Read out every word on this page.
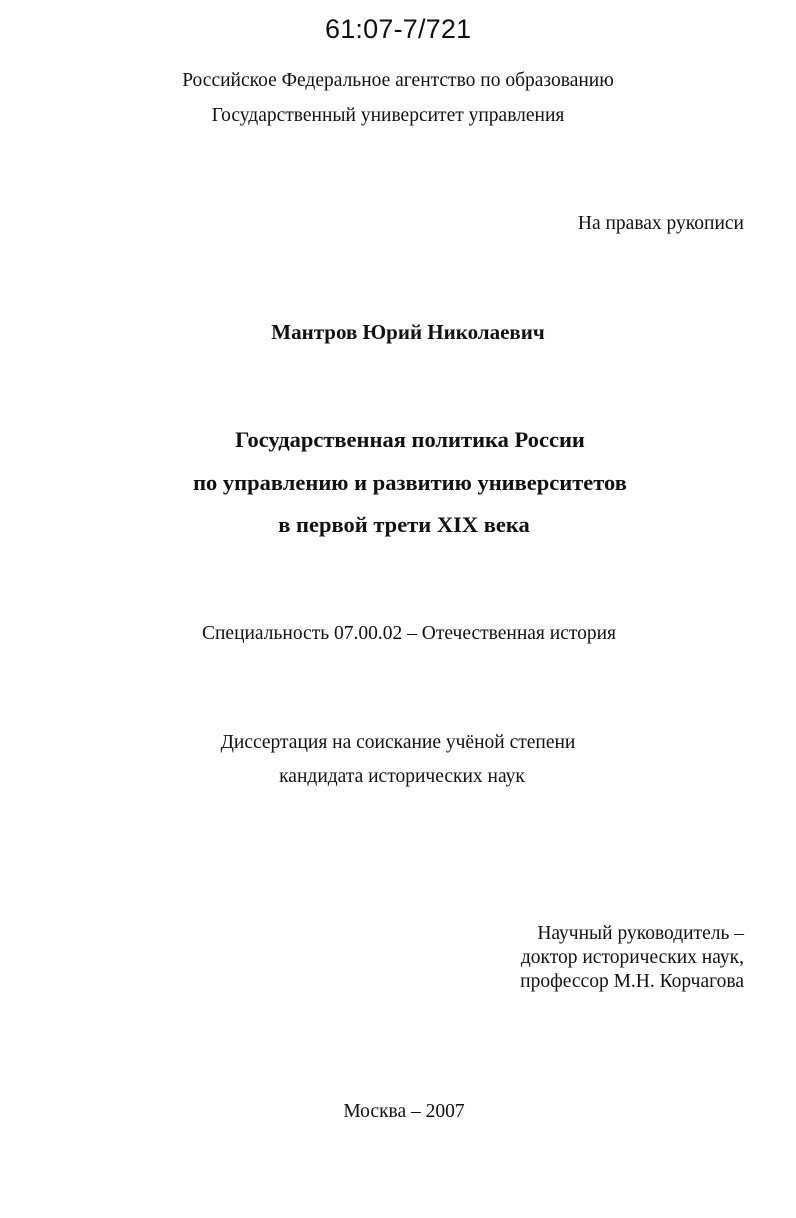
61:07-7/721
Российское Федеральное агентство по образованию
Государственный университет управления
На правах рукописи
Мантров Юрий Николаевич
Государственная политика России
по управлению и развитию университетов
в первой трети XIX века
Специальность 07.00.02 – Отечественная история
Диссертация на соискание учёной степени
кандидата исторических наук
Научный руководитель –
доктор исторических наук,
профессор М.Н. Корчагова
Москва – 2007
